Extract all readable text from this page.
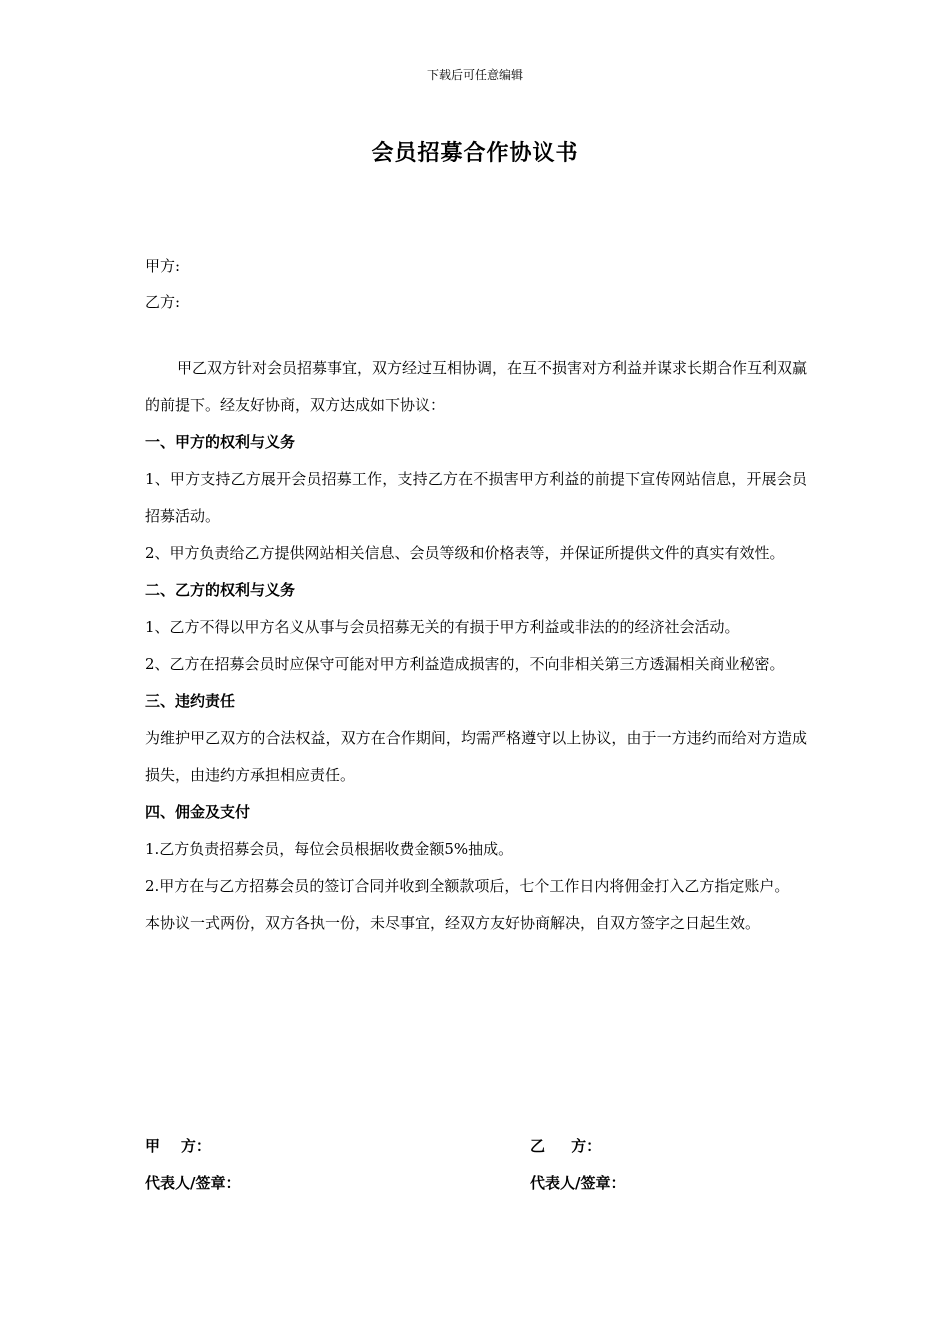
下载后可任意编辑
会员招募合作协议书
甲方:
乙方:

甲乙双方针对会员招募事宜，双方经过互相协调，在互不损害对方利益并谋求长期合作互利双赢的前提下。经友好协商，双方达成如下协议：

一、甲方的权利与义务

1、甲方支持乙方展开会员招募工作，支持乙方在不损害甲方利益的前提下宣传网站信息，开展会员招募活动。

2、甲方负责给乙方提供网站相关信息、会员等级和价格表等，并保证所提供文件的真实有效性。

二、乙方的权利与义务

1、乙方不得以甲方名义从事与会员招募无关的有损于甲方利益或非法的的经济社会活动。

2、乙方在招募会员时应保守可能对甲方利益造成损害的，不向非相关第三方透漏相关商业秘密。

三、违约责任

为维护甲乙双方的合法权益，双方在合作期间，均需严格遵守以上协议，由于一方违约而给对方造成损失，由违约方承担相应责任。

四、佣金及支付

1.乙方负责招募会员，每位会员根据收费金额5%抽成。

2.甲方在与乙方招募会员的签订合同并收到全额款项后，七个工作日内将佣金打入乙方指定账户。

本协议一式两份，双方各执一份，未尽事宜，经双方友好协商解决，自双方签字之日起生效。

甲    方：
代表人/签章：
乙     方：
代表人/签章：
